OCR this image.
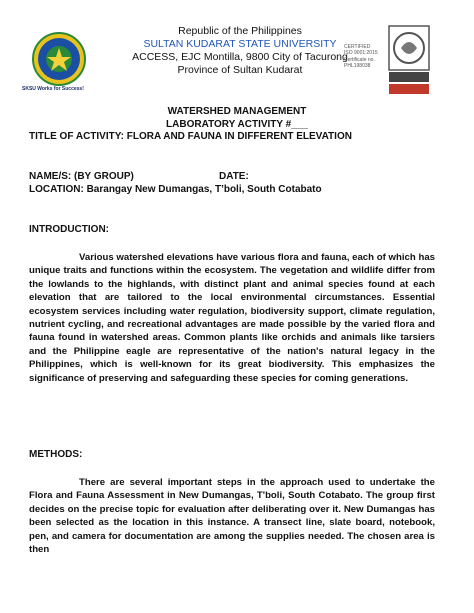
SKSU Works for Success!
Republic of the Philippines
SULTAN KUDARAT STATE UNIVERSITY
ACCESS, EJC Montilla, 9800 City of Tacurong
Province of Sultan Kudarat
CERTIFIED
ISO 9001:2015
Certificate no.
PHL198038
WATERSHED MANAGEMENT
LABORATORY ACTIVITY #___
TITLE OF ACTIVITY: FLORA AND FAUNA IN DIFFERENT ELEVATION
NAME/S: (BY GROUP)	DATE:
LOCATION: Barangay New Dumangas, T’boli, South Cotabato
INTRODUCTION:

Various watershed elevations have various flora and fauna, each of which has unique traits and functions within the ecosystem. The vegetation and wildlife differ from the lowlands to the highlands, with distinct plant and animal species found at each elevation that are tailored to the local environmental circumstances. Essential ecosystem services including water regulation, biodiversity support, climate regulation, nutrient cycling, and recreational advantages are made possible by the varied flora and fauna found in watershed areas. Common plants like orchids and animals like tarsiers and the Philippine eagle are representative of the nation's natural legacy in the Philippines, which is well-known for its great biodiversity. This emphasizes the significance of preserving and safeguarding these species for coming generations.

METHODS:

There are several important steps in the approach used to undertake the Flora and Fauna Assessment in New Dumangas, T'boli, South Cotabato. The group first decides on the precise topic for evaluation after deliberating over it. New Dumangas has been selected as the location in this instance. A transect line, slate board, notebook, pen, and camera for documentation are among the supplies needed. The chosen area is then
